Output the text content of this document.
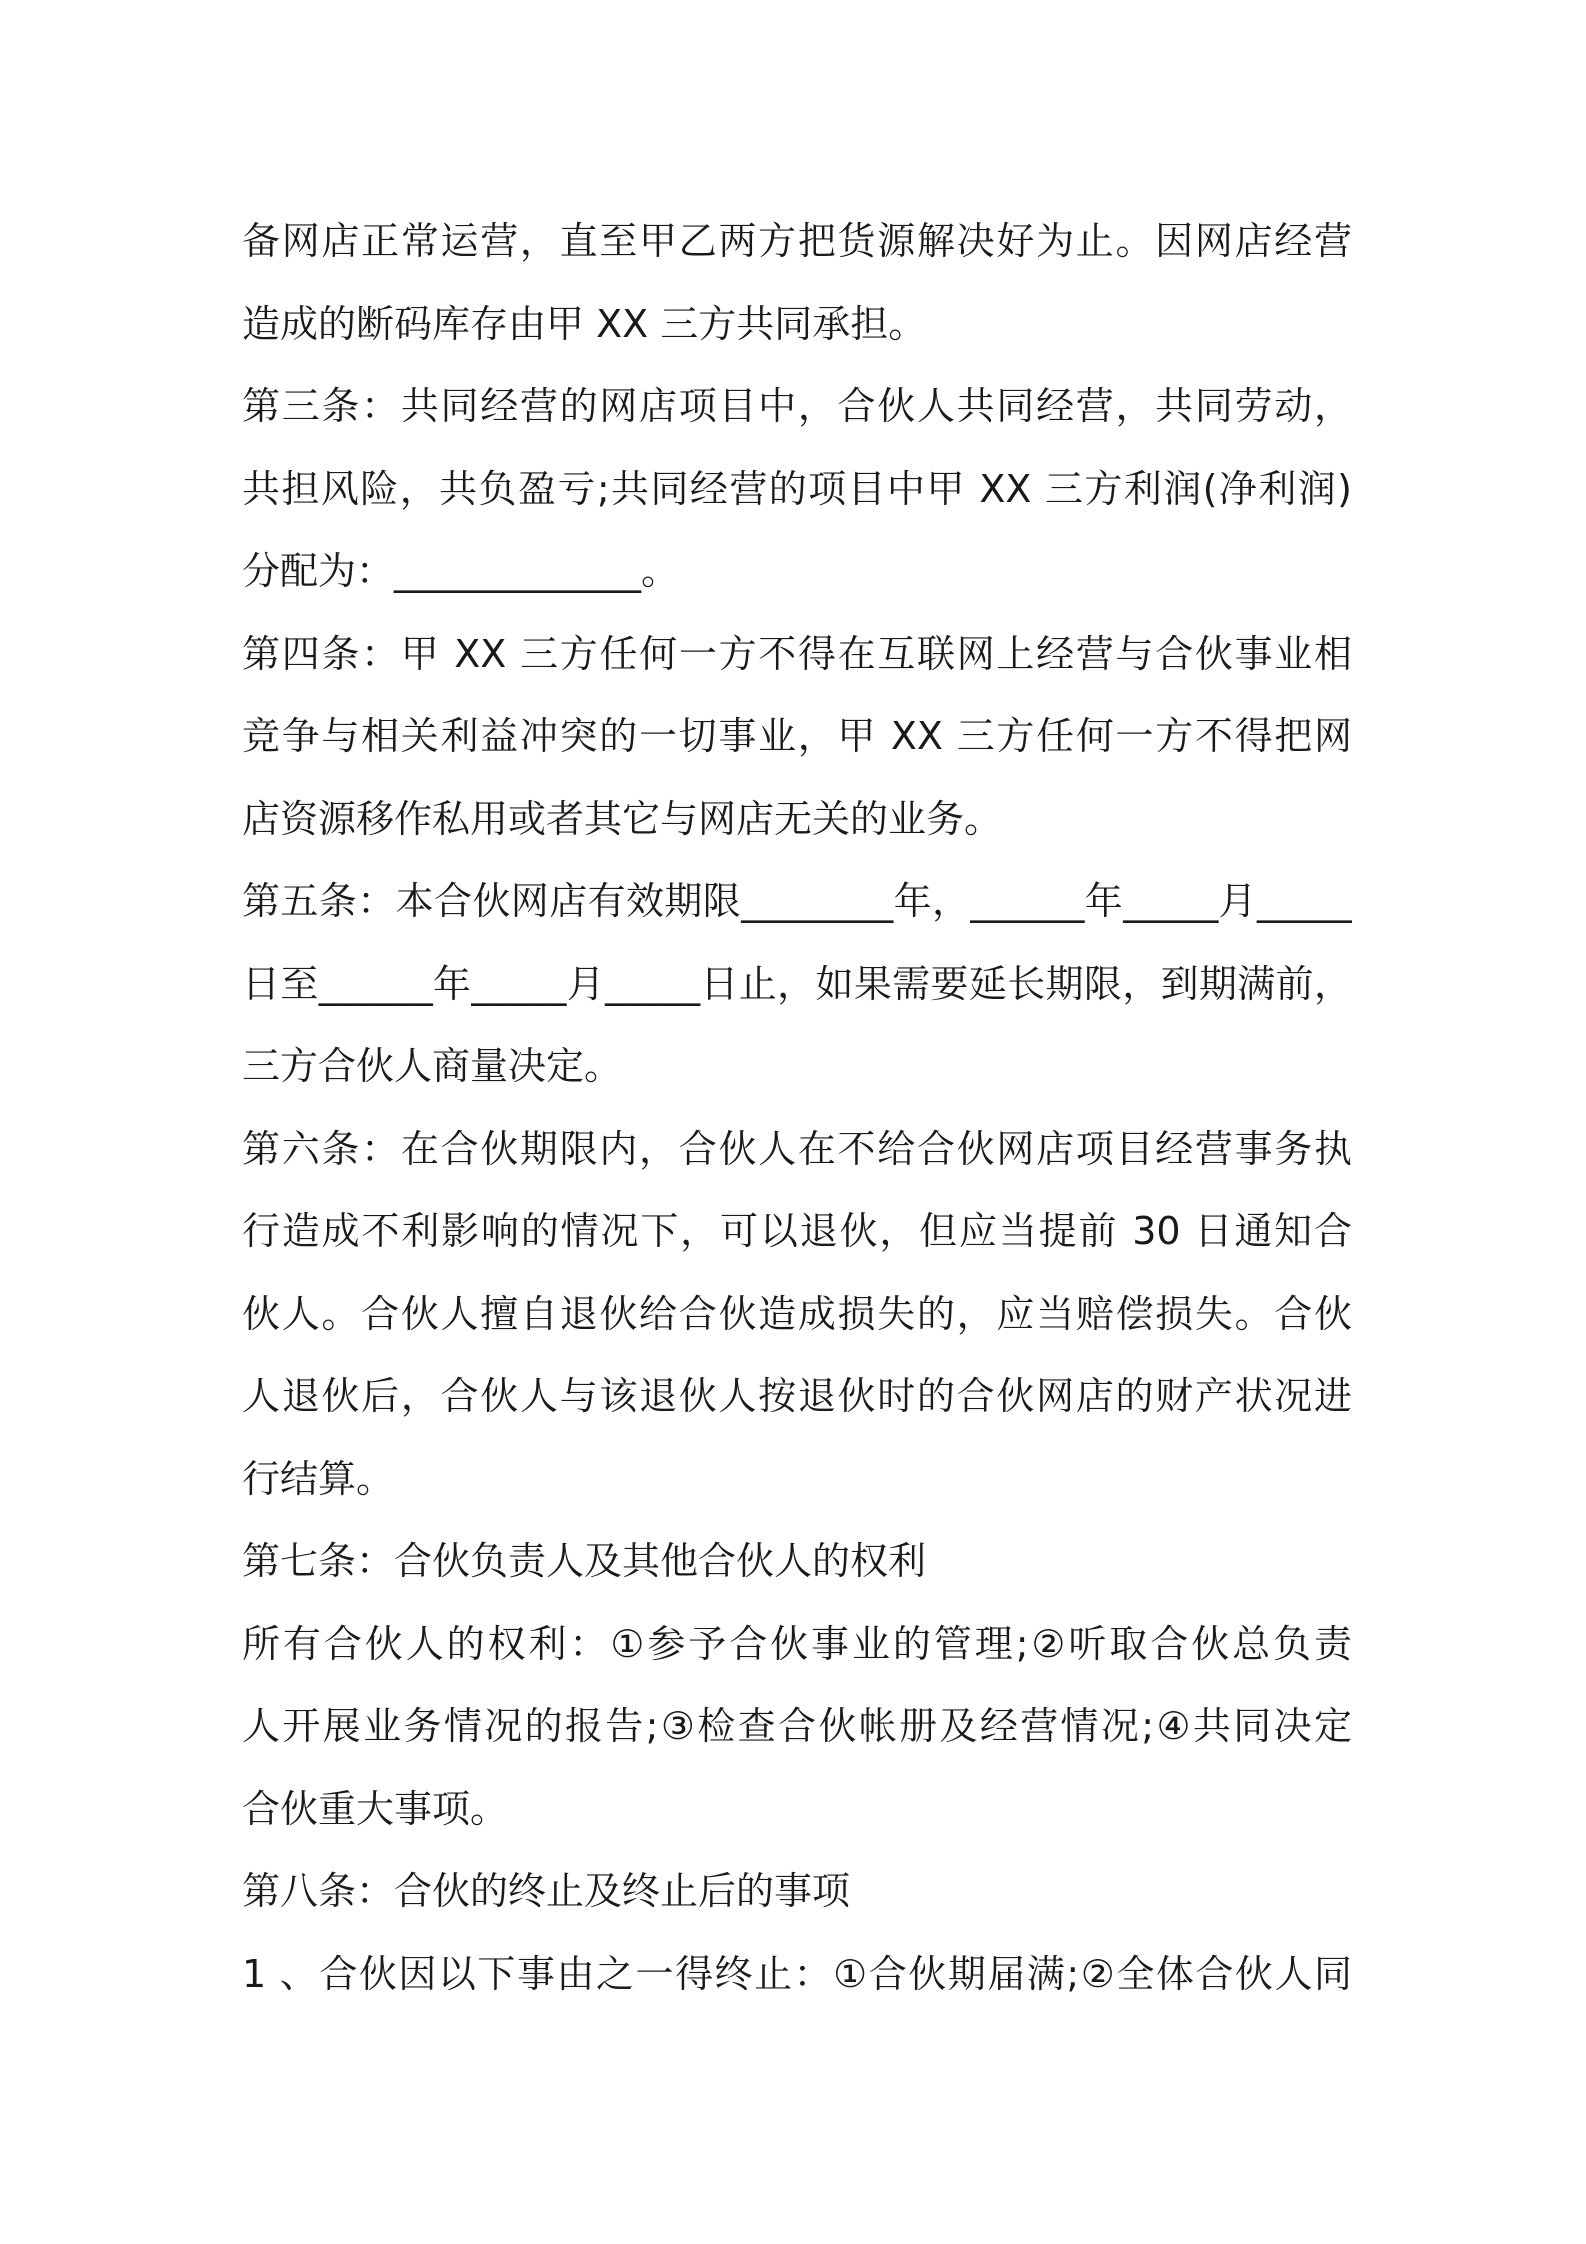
备网店正常运营，直至甲乙两方把货源解决好为止。因网店经营
造成的断码库存由甲 XX 三方共同承担。
第三条：共同经营的网店项目中，合伙人共同经营，共同劳动，
共担风险，共负盈亏;共同经营的项目中甲 XX 三方利润(净利润)
分配为：_____________。
第四条：甲 XX 三方任何一方不得在互联网上经营与合伙事业相
竞争与相关利益冲突的一切事业，甲 XX 三方任何一方不得把网
店资源移作私用或者其它与网店无关的业务。
第五条：本合伙网店有效期限________年，______年_____月_____
日至______年_____月_____日止，如果需要延长期限，到期满前，
三方合伙人商量决定。
第六条：在合伙期限内，合伙人在不给合伙网店项目经营事务执
行造成不利影响的情况下，可以退伙，但应当提前 30 日通知合
伙人。合伙人擅自退伙给合伙造成损失的，应当赔偿损失。合伙
人退伙后，合伙人与该退伙人按退伙时的合伙网店的财产状况进
行结算。
第七条：合伙负责人及其他合伙人的权利
所有合伙人的权利：①参予合伙事业的管理;②听取合伙总负责
人开展业务情况的报告;③检查合伙帐册及经营情况;④共同决定
合伙重大事项。
第八条：合伙的终止及终止后的事项
1 、合伙因以下事由之一得终止：①合伙期届满;②全体合伙人同
